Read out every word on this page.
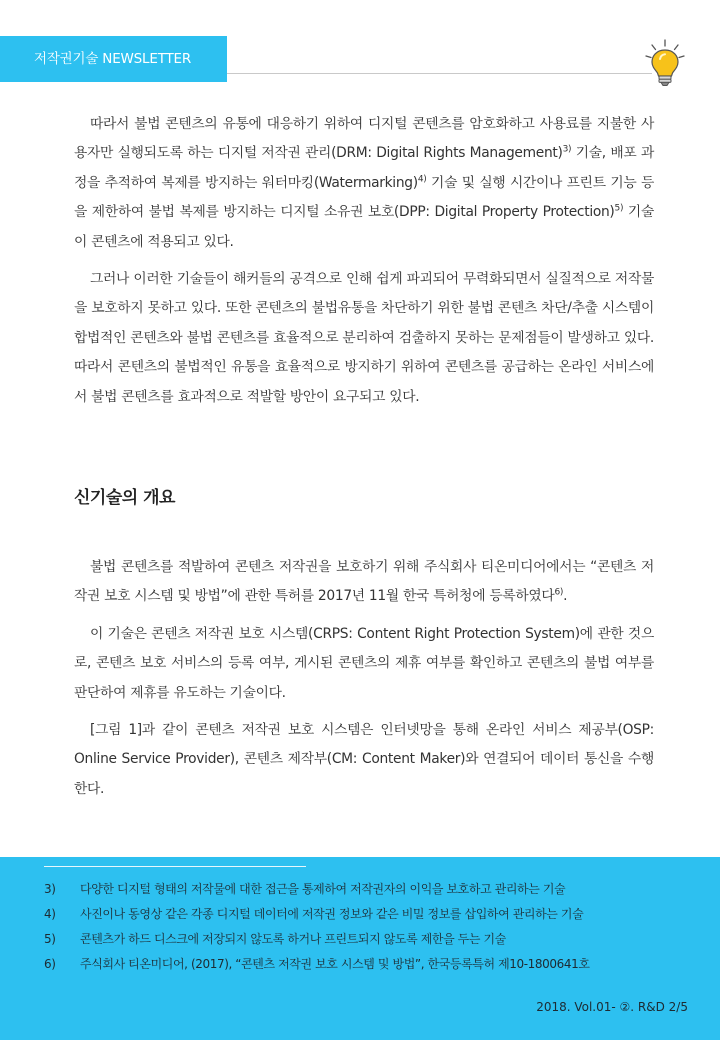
저작권기술 NEWSLETTER

따라서 불법 콘텐츠의 유통에 대응하기 위하여 디지털 콘텐츠를 암호화하고 사용료를 지불한 사용자만 실행되도록 하는 디지털 저작권 관리(DRM: Digital Rights Management)$^{3)}$ 기술, 배포 과정을 추적하여 복제를 방지하는 워터마킹(Watermarking)$^{4)}$ 기술 및 실행 시간이나 프린트 기능 등을 제한하여 불법 복제를 방지하는 디지털 소유권 보호(DPP: Digital Property Protection)$^{5)}$ 기술이 콘텐츠에 적용되고 있다.

그러나 이러한 기술들이 해커들의 공격으로 인해 쉽게 파괴되어 무력화되면서 실질적으로 저작물을 보호하지 못하고 있다. 또한 콘텐츠의 불법유통을 차단하기 위한 불법 콘텐츠 차단/추출 시스템이 합법적인 콘텐츠와 불법 콘텐츠를 효율적으로 분리하여 검출하지 못하는 문제점들이 발생하고 있다. 따라서 콘텐츠의 불법적인 유통을 효율적으로 방지하기 위하여 콘텐츠를 공급하는 온라인 서비스에서 불법 콘텐츠를 효과적으로 적발할 방안이 요구되고 있다.

신기술의 개요

불법 콘텐츠를 적발하여 콘텐츠 저작권을 보호하기 위해 주식회사 티온미디어에서는 “콘텐츠 저작권 보호 시스템 및 방법”에 관한 특허를 2017년 11월 한국 특허청에 등록하였다$^{6)}$.

이 기술은 콘텐츠 저작권 보호 시스템(CRPS: Content Right Protection System)에 관한 것으로, 콘텐츠 보호 서비스의 등록 여부, 게시된 콘텐츠의 제휴 여부를 확인하고 콘텐츠의 불법 여부를 판단하여 제휴를 유도하는 기술이다.

[그림 1]과 같이 콘텐츠 저작권 보호 시스템은 인터넷망을 통해 온라인 서비스 제공부(OSP: Online Service Provider), 콘텐츠 제작부(CM: Content Maker)와 연결되어 데이터 통신을 수행한다.

3)	다양한 디지털 형태의 저작물에 대한 접근을 통제하여 저작권자의 이익을 보호하고 관리하는 기술
4)	사진이나 동영상 같은 각종 디지털 데이터에 저작권 정보와 같은 비밀 정보를 삽입하여 관리하는 기술
5)	콘텐츠가 하드 디스크에 저장되지 않도록 하거나 프린트되지 않도록 제한을 두는 기술
6)	주식회사 티온미디어, (2017), “콘텐츠 저작권 보호 시스템 및 방법”, 한국등록특허 제10-1800641호
2018. Vol.01- ②. R&D 2/5
